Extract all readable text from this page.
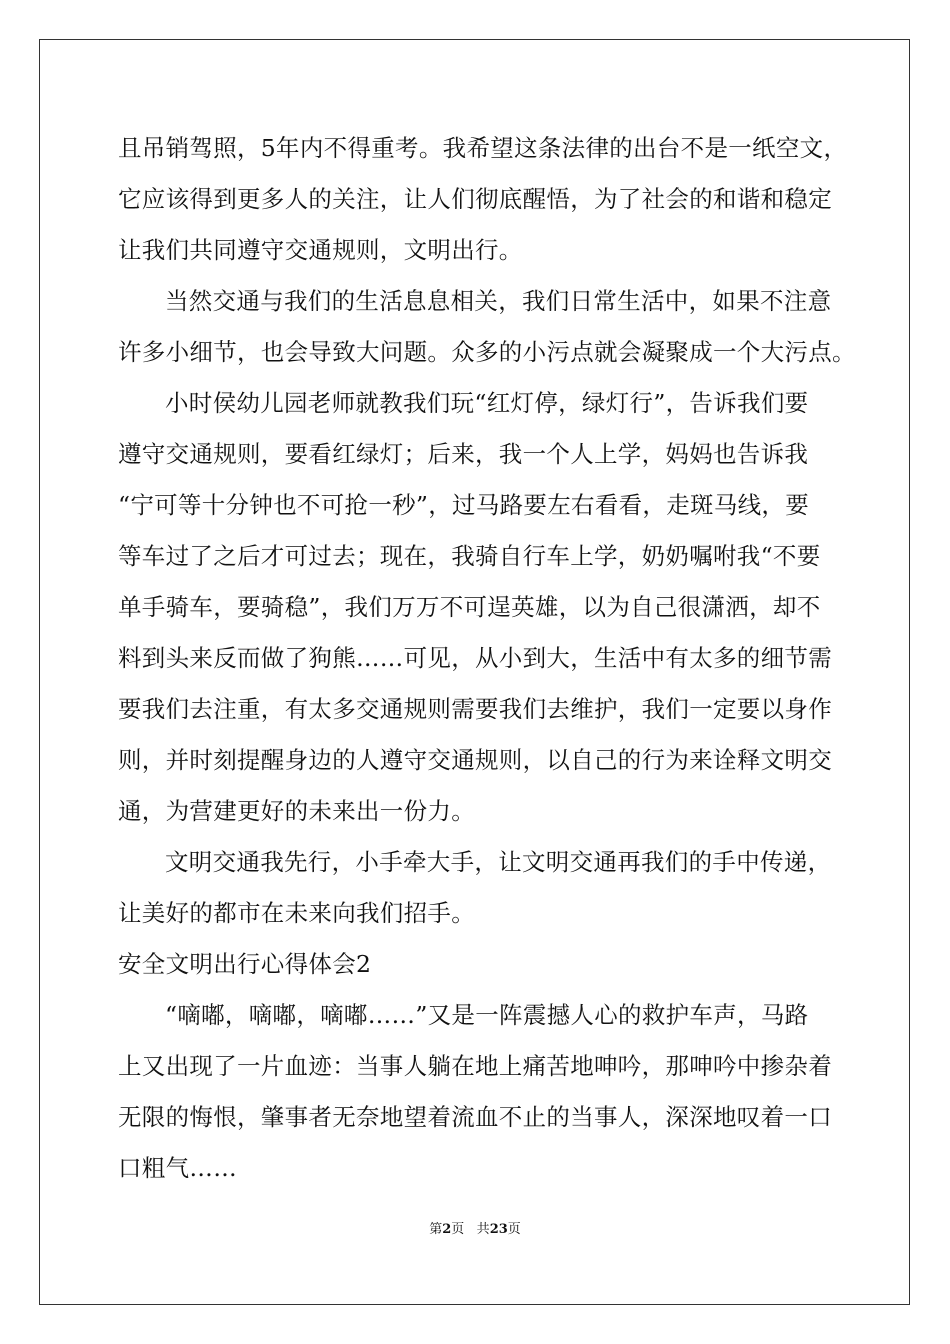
且吊销驾照，5年内不得重考。我希望这条法律的出台不是一纸空文，
它应该得到更多人的关注，让人们彻底醒悟，为了社会的和谐和稳定
让我们共同遵守交通规则，文明出行。
当然交通与我们的生活息息相关，我们日常生活中，如果不注意
许多小细节，也会导致大问题。众多的小污点就会凝聚成一个大污点。
小时侯幼儿园老师就教我们玩“红灯停，绿灯行”，告诉我们要
遵守交通规则，要看红绿灯；后来，我一个人上学，妈妈也告诉我
“宁可等十分钟也不可抢一秒”，过马路要左右看看，走斑马线，要
等车过了之后才可过去；现在，我骑自行车上学，奶奶嘱咐我“不要
单手骑车，要骑稳”，我们万万不可逞英雄，以为自己很潇洒，却不
料到头来反而做了狗熊……可见，从小到大，生活中有太多的细节需
要我们去注重，有太多交通规则需要我们去维护，我们一定要以身作
则，并时刻提醒身边的人遵守交通规则，以自己的行为来诠释文明交
通，为营建更好的未来出一份力。
文明交通我先行，小手牵大手，让文明交通再我们的手中传递，
让美好的都市在未来向我们招手。
安全文明出行心得体会2
“嘀嘟，嘀嘟，嘀嘟……”又是一阵震撼人心的救护车声，马路
上又出现了一片血迹：当事人躺在地上痛苦地呻吟，那呻吟中掺杂着
无限的悔恨，肇事者无奈地望着流血不止的当事人，深深地叹着一口
口粗气……
第2页 共23页
